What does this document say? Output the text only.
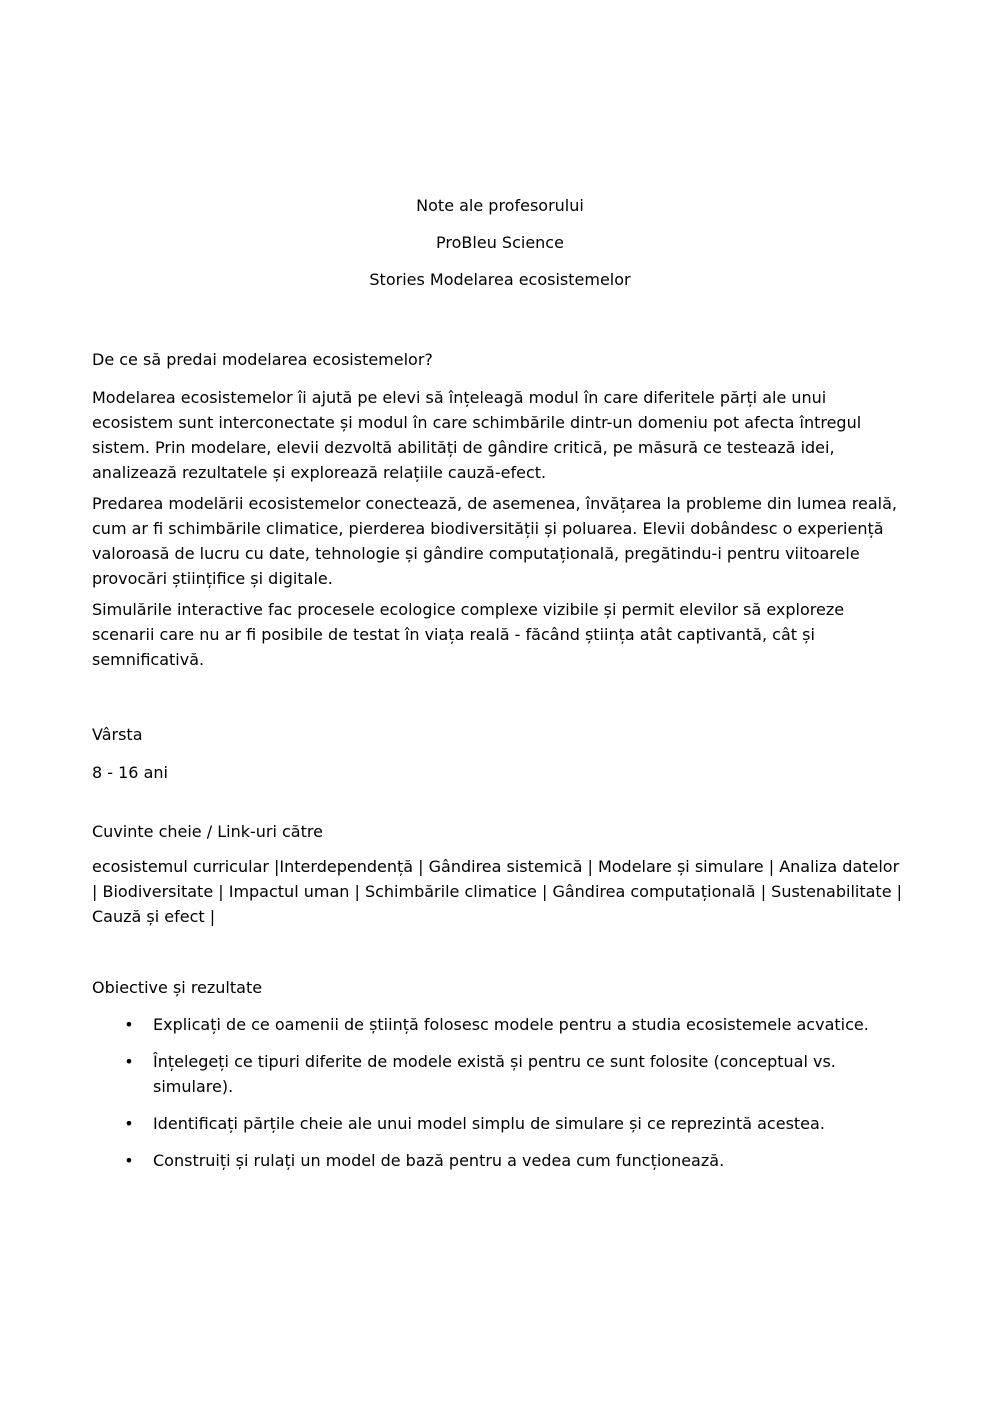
Note ale profesorului

ProBleu Science

Stories Modelarea ecosistemelor

De ce să predai modelarea ecosistemelor?

Modelarea ecosistemelor îi ajută pe elevi să înțeleagă modul în care diferitele părți ale unui ecosistem sunt interconectate și modul în care schimbările dintr-un domeniu pot afecta întregul sistem. Prin modelare, elevii dezvoltă abilități de gândire critică, pe măsură ce testează idei, analizează rezultatele și explorează relațiile cauză-efect.

Predarea modelării ecosistemelor conectează, de asemenea, învățarea la probleme din lumea reală, cum ar fi schimbările climatice, pierderea biodiversității și poluarea. Elevii dobândesc o experiență valoroasă de lucru cu date, tehnologie și gândire computațională, pregătindu-i pentru viitoarele provocări științifice și digitale.

Simulările interactive fac procesele ecologice complexe vizibile și permit elevilor să exploreze scenarii care nu ar fi posibile de testat în viața reală - făcând știința atât captivantă, cât și semnificativă.

Vârsta

8 - 16 ani

Cuvinte cheie / Link-uri către

ecosistemul curricular |Interdependență | Gândirea sistemică | Modelare și simulare | Analiza datelor | Biodiversitate | Impactul uman | Schimbările climatice | Gândirea computațională | Sustenabilitate | Cauză și efect |

Obiective și rezultate

• Explicați de ce oamenii de știință folosesc modele pentru a studia ecosistemele acvatice.
• Înțelegeți ce tipuri diferite de modele există și pentru ce sunt folosite (conceptual vs. simulare).
• Identificați părțile cheie ale unui model simplu de simulare și ce reprezintă acestea.
• Construiți și rulați un model de bază pentru a vedea cum funcționează.
